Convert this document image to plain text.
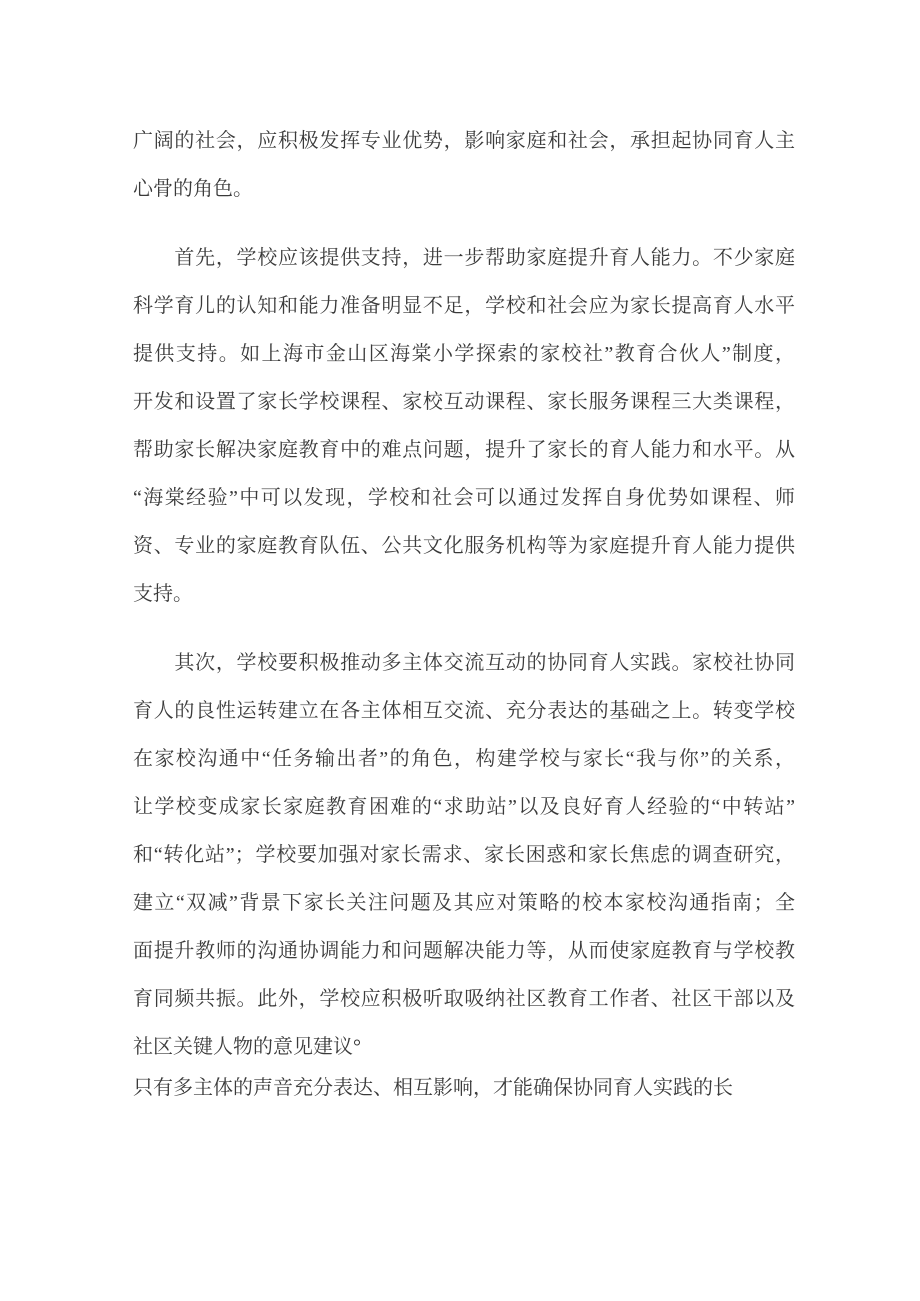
广阔的社会，应积极发挥专业优势，影响家庭和社会，承担起协同育人主
心骨的角色。
　　首先，学校应该提供支持，进一步帮助家庭提升育人能力。不少家庭
科学育儿的认知和能力准备明显不足，学校和社会应为家长提高育人水平
提供支持。如上海市金山区海棠小学探索的家校社”教育合伙人”制度，
开发和设置了家长学校课程、家校互动课程、家长服务课程三大类课程，
帮助家长解决家庭教育中的难点问题，提升了家长的育人能力和水平。从
“海棠经验”中可以发现，学校和社会可以通过发挥自身优势如课程、师
资、专业的家庭教育队伍、公共文化服务机构等为家庭提升育人能力提供
支持。
　　其次，学校要积极推动多主体交流互动的协同育人实践。家校社协同
育人的良性运转建立在各主体相互交流、充分表达的基础之上。转变学校
在家校沟通中“任务输出者”的角色，构建学校与家长“我与你”的关系，
让学校变成家长家庭教育困难的“求助站”以及良好育人经验的“中转站”
和“转化站”；学校要加强对家长需求、家长困惑和家长焦虑的调查研究，
建立“双减”背景下家长关注问题及其应对策略的校本家校沟通指南；全
面提升教师的沟通协调能力和问题解决能力等，从而使家庭教育与学校教
育同频共振。此外，学校应积极听取吸纳社区教育工作者、社区干部以及
社区关键人物的意见建议°
只有多主体的声音充分表达、相互影响，才能确保协同育人实践的长
